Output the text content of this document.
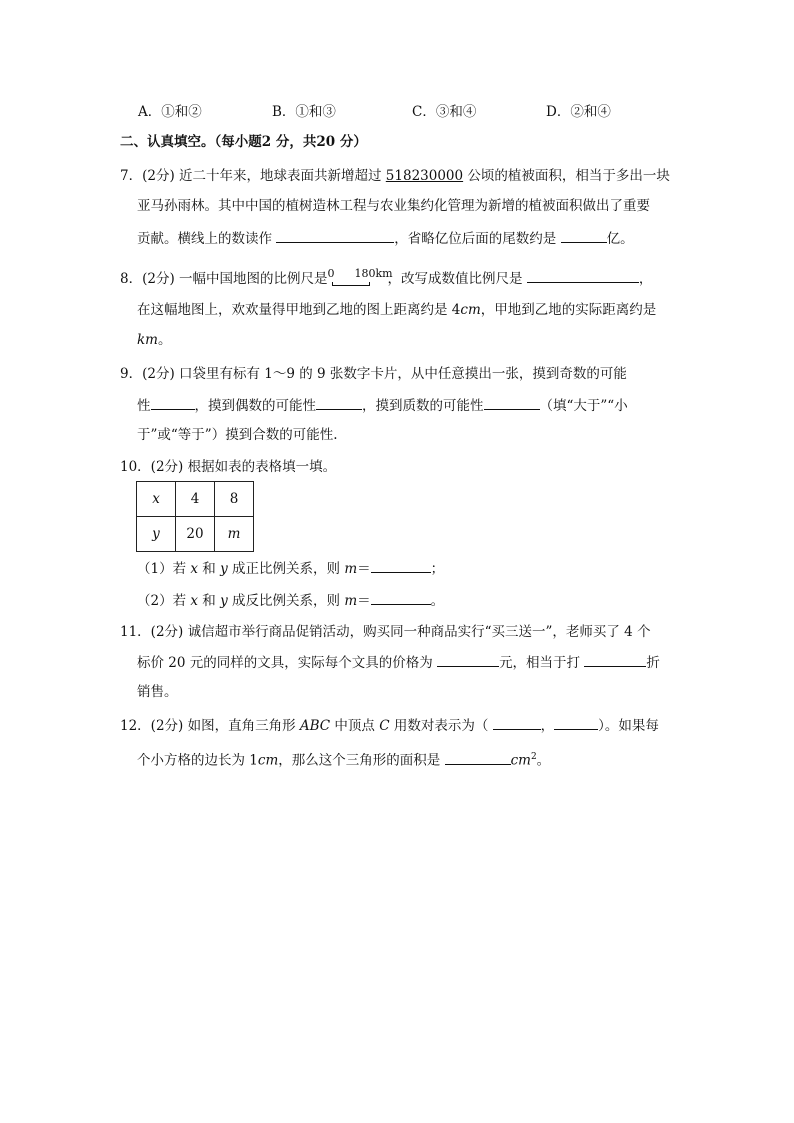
A．①和②	B．①和③	C．③和④	D．②和④
二、认真填空。（每小题2 分，共20 分）
7．(2分) 近二十年来，地球表面共新增超过 518230000 公顷的植被面积，相当于多出一块
亚马孙雨林。其中中国的植树造林工程与农业集约化管理为新增的植被面积做出了重要
贡献。横线上的数读作	，省略亿位后面的尾数约是	亿。
8．(2分) 一幅中国地图的比例尺是 0 180km
，改写成数值比例尺是	，
在这幅地图上，欢欢量得甲地到乙地的图上距离约是 4cm，甲地到乙地的实际距离约是
km。
9．(2分) 口袋里有标有 1～9 的 9 张数字卡片，从中任意摸出一张，摸到奇数的可能
性	，摸到偶数的可能性	，摸到质数的可能性	（填“大于”“小
于”或“等于”）摸到合数的可能性.
10．(2分) 根据如表的表格填一填。
x	4	8
y	20	m
（1）若 x 和 y 成正比例关系，则 m＝	；
（2）若 x 和 y 成反比例关系，则 m＝	。
11．(2分) 诚信超市举行商品促销活动，购买同一种商品实行“买三送一”，老师买了 4 个
标价 20 元的同样的文具，实际每个文具的价格为	元，相当于打	折
销售。
12．(2分) 如图，直角三角形 ABC 中顶点 C 用数对表示为（	，	）。如果每
个小方格的边长为 1cm，那么这个三角形的面积是	$cm^2$。
